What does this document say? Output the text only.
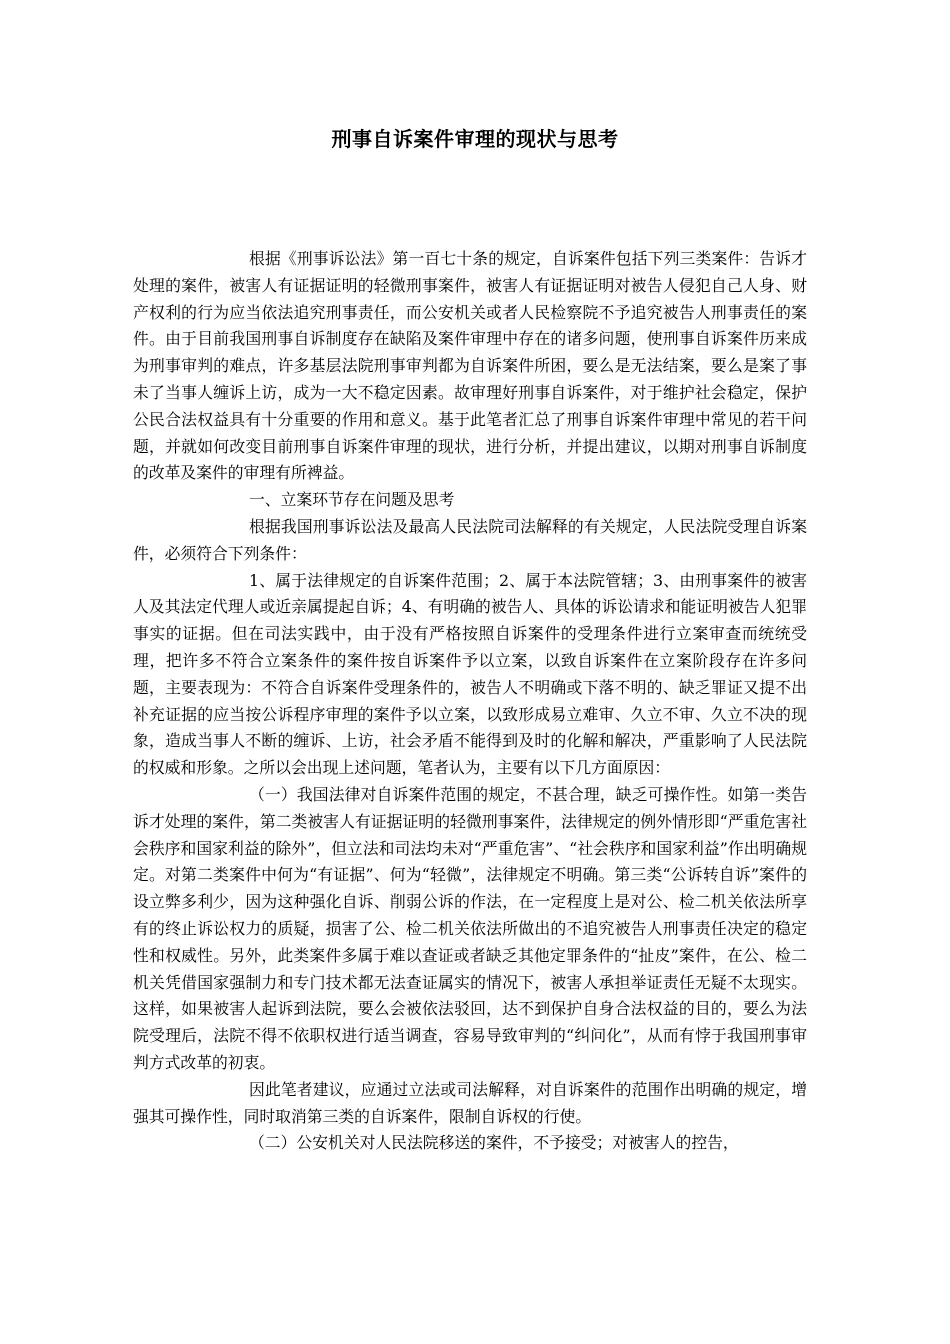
刑事自诉案件审理的现状与思考

根据《刑事诉讼法》第一百七十条的规定，自诉案件包括下列三类案件：告诉才处理的案件，被害人有证据证明的轻微刑事案件，被害人有证据证明对被告人侵犯自己人身、财产权利的行为应当依法追究刑事责任，而公安机关或者人民检察院不予追究被告人刑事责任的案件。由于目前我国刑事自诉制度存在缺陷及案件审理中存在的诸多问题，使刑事自诉案件历来成为刑事审判的难点，许多基层法院刑事审判都为自诉案件所困，要么是无法结案，要么是案了事未了当事人缠诉上访，成为一大不稳定因素。故审理好刑事自诉案件，对于维护社会稳定，保护公民合法权益具有十分重要的作用和意义。基于此笔者汇总了刑事自诉案件审理中常见的若干问题，并就如何改变目前刑事自诉案件审理的现状，进行分析，并提出建议，以期对刑事自诉制度的改革及案件的审理有所裨益。

一、立案环节存在问题及思考

根据我国刑事诉讼法及最高人民法院司法解释的有关规定，人民法院受理自诉案件，必须符合下列条件：

1、属于法律规定的自诉案件范围；2、属于本法院管辖；3、由刑事案件的被害人及其法定代理人或近亲属提起自诉；4、有明确的被告人、具体的诉讼请求和能证明被告人犯罪事实的证据。但在司法实践中，由于没有严格按照自诉案件的受理条件进行立案审查而统统受理，把许多不符合立案条件的案件按自诉案件予以立案，以致自诉案件在立案阶段存在许多问题，主要表现为：不符合自诉案件受理条件的，被告人不明确或下落不明的、缺乏罪证又提不出补充证据的应当按公诉程序审理的案件予以立案，以致形成易立难审、久立不审、久立不决的现象，造成当事人不断的缠诉、上访，社会矛盾不能得到及时的化解和解决，严重影响了人民法院的权威和形象。之所以会出现上述问题，笔者认为，主要有以下几方面原因：

（一）我国法律对自诉案件范围的规定，不甚合理，缺乏可操作性。如第一类告诉才处理的案件，第二类被害人有证据证明的轻微刑事案件，法律规定的例外情形即“严重危害社会秩序和国家利益的除外”，但立法和司法均未对“严重危害”、“社会秩序和国家利益”作出明确规定。对第二类案件中何为“有证据”、何为“轻微”，法律规定不明确。第三类“公诉转自诉”案件的设立弊多利少，因为这种强化自诉、削弱公诉的作法，在一定程度上是对公、检二机关依法所享有的终止诉讼权力的质疑，损害了公、检二机关依法所做出的不追究被告人刑事责任决定的稳定性和权威性。另外，此类案件多属于难以查证或者缺乏其他定罪条件的“扯皮”案件，在公、检二机关凭借国家强制力和专门技术都无法查证属实的情况下，被害人承担举证责任无疑不太现实。这样，如果被害人起诉到法院，要么会被依法驳回，达不到保护自身合法权益的目的，要么为法院受理后，法院不得不依职权进行适当调查，容易导致审判的“纠问化”，从而有悖于我国刑事审判方式改革的初衷。

因此笔者建议，应通过立法或司法解释，对自诉案件的范围作出明确的规定，增强其可操作性，同时取消第三类的自诉案件，限制自诉权的行使。

（二）公安机关对人民法院移送的案件，不予接受；对被害人的控告，
